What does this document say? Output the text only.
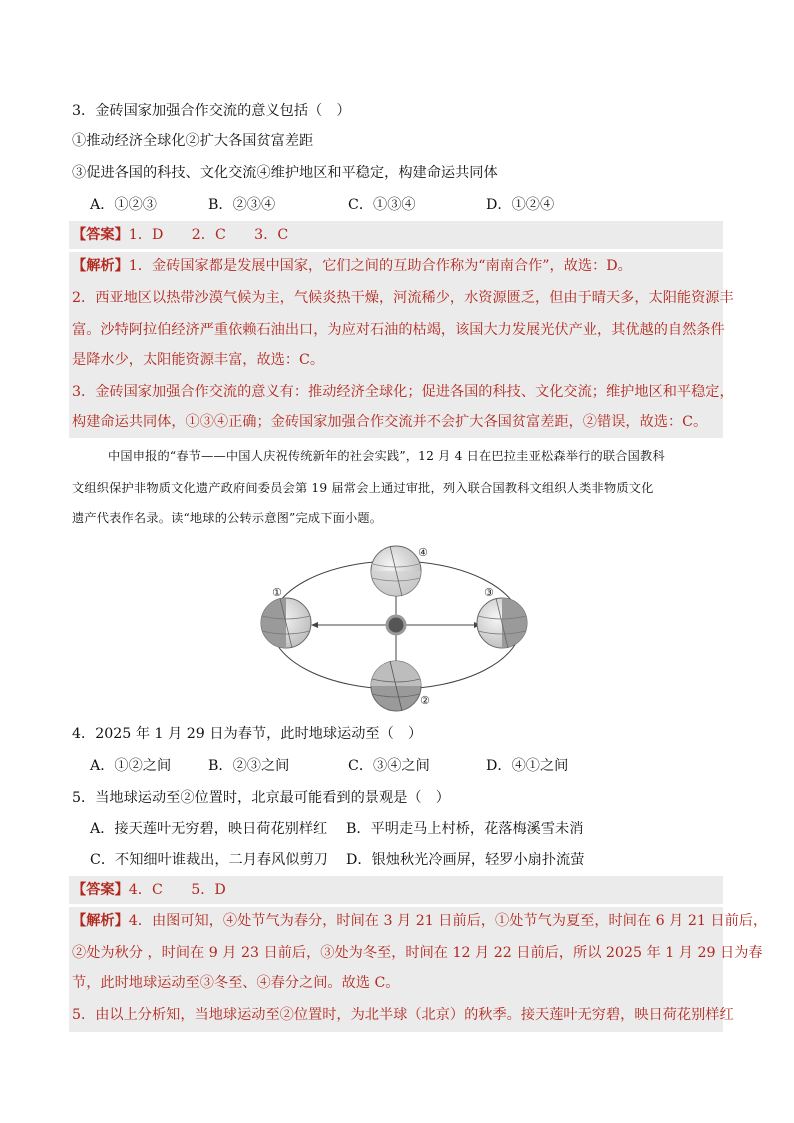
3．金砖国家加强合作交流的意义包括（　）
①推动经济全球化②扩大各国贫富差距
③促进各国的科技、文化交流④维护地区和平稳定，构建命运共同体
A．①②③	B．②③④	C．①③④	D．①②④
【答案】1．D　　2．C　　3．C
【解析】1．金砖国家都是发展中国家，它们之间的互助合作称为“南南合作”，故选：D。
2．西亚地区以热带沙漠气候为主，气候炎热干燥，河流稀少，水资源匮乏，但由于晴天多，太阳能资源丰
富。沙特阿拉伯经济严重依赖石油出口，为应对石油的枯竭，该国大力发展光伏产业，其优越的自然条件
是降水少，太阳能资源丰富，故选：C。
3．金砖国家加强合作交流的意义有：推动经济全球化；促进各国的科技、文化交流；维护地区和平稳定，
构建命运共同体，①③④正确；金砖国家加强合作交流并不会扩大各国贫富差距，②错误，故选：C。
中国申报的“春节——中国人庆祝传统新年的社会实践”，12 月 4 日在巴拉圭亚松森举行的联合国教科
文组织保护非物质文化遗产政府间委员会第 19 届常会上通过审批，列入联合国教科文组织人类非物质文化
遗产代表作名录。读“地球的公转示意图”完成下面小题。
④
①	③
②
4．2025 年 1 月 29 日为春节，此时地球运动至（　）
A．①②之间	B．②③之间	C．③④之间	D．④①之间
5．当地球运动至②位置时，北京最可能看到的景观是（　）
A．接天莲叶无穷碧，映日荷花别样红 B．平明走马上村桥，花落梅溪雪未消
C．不知细叶谁裁出，二月春风似剪刀 D．银烛秋光冷画屏，轻罗小扇扑流萤
【答案】4．C　　5．D
【解析】4．由图可知，④处节气为春分，时间在 3 月 21 日前后，①处节气为夏至，时间在 6 月 21 日前后，
②处为秋分 ，时间在 9 月 23 日前后，③处为冬至，时间在 12 月 22 日前后，所以 2025 年 1 月 29 日为春
节，此时地球运动至③冬至、④春分之间。故选 C。
5．由以上分析知，当地球运动至②位置时，为北半球（北京）的秋季。接天莲叶无穷碧，映日荷花别样红
